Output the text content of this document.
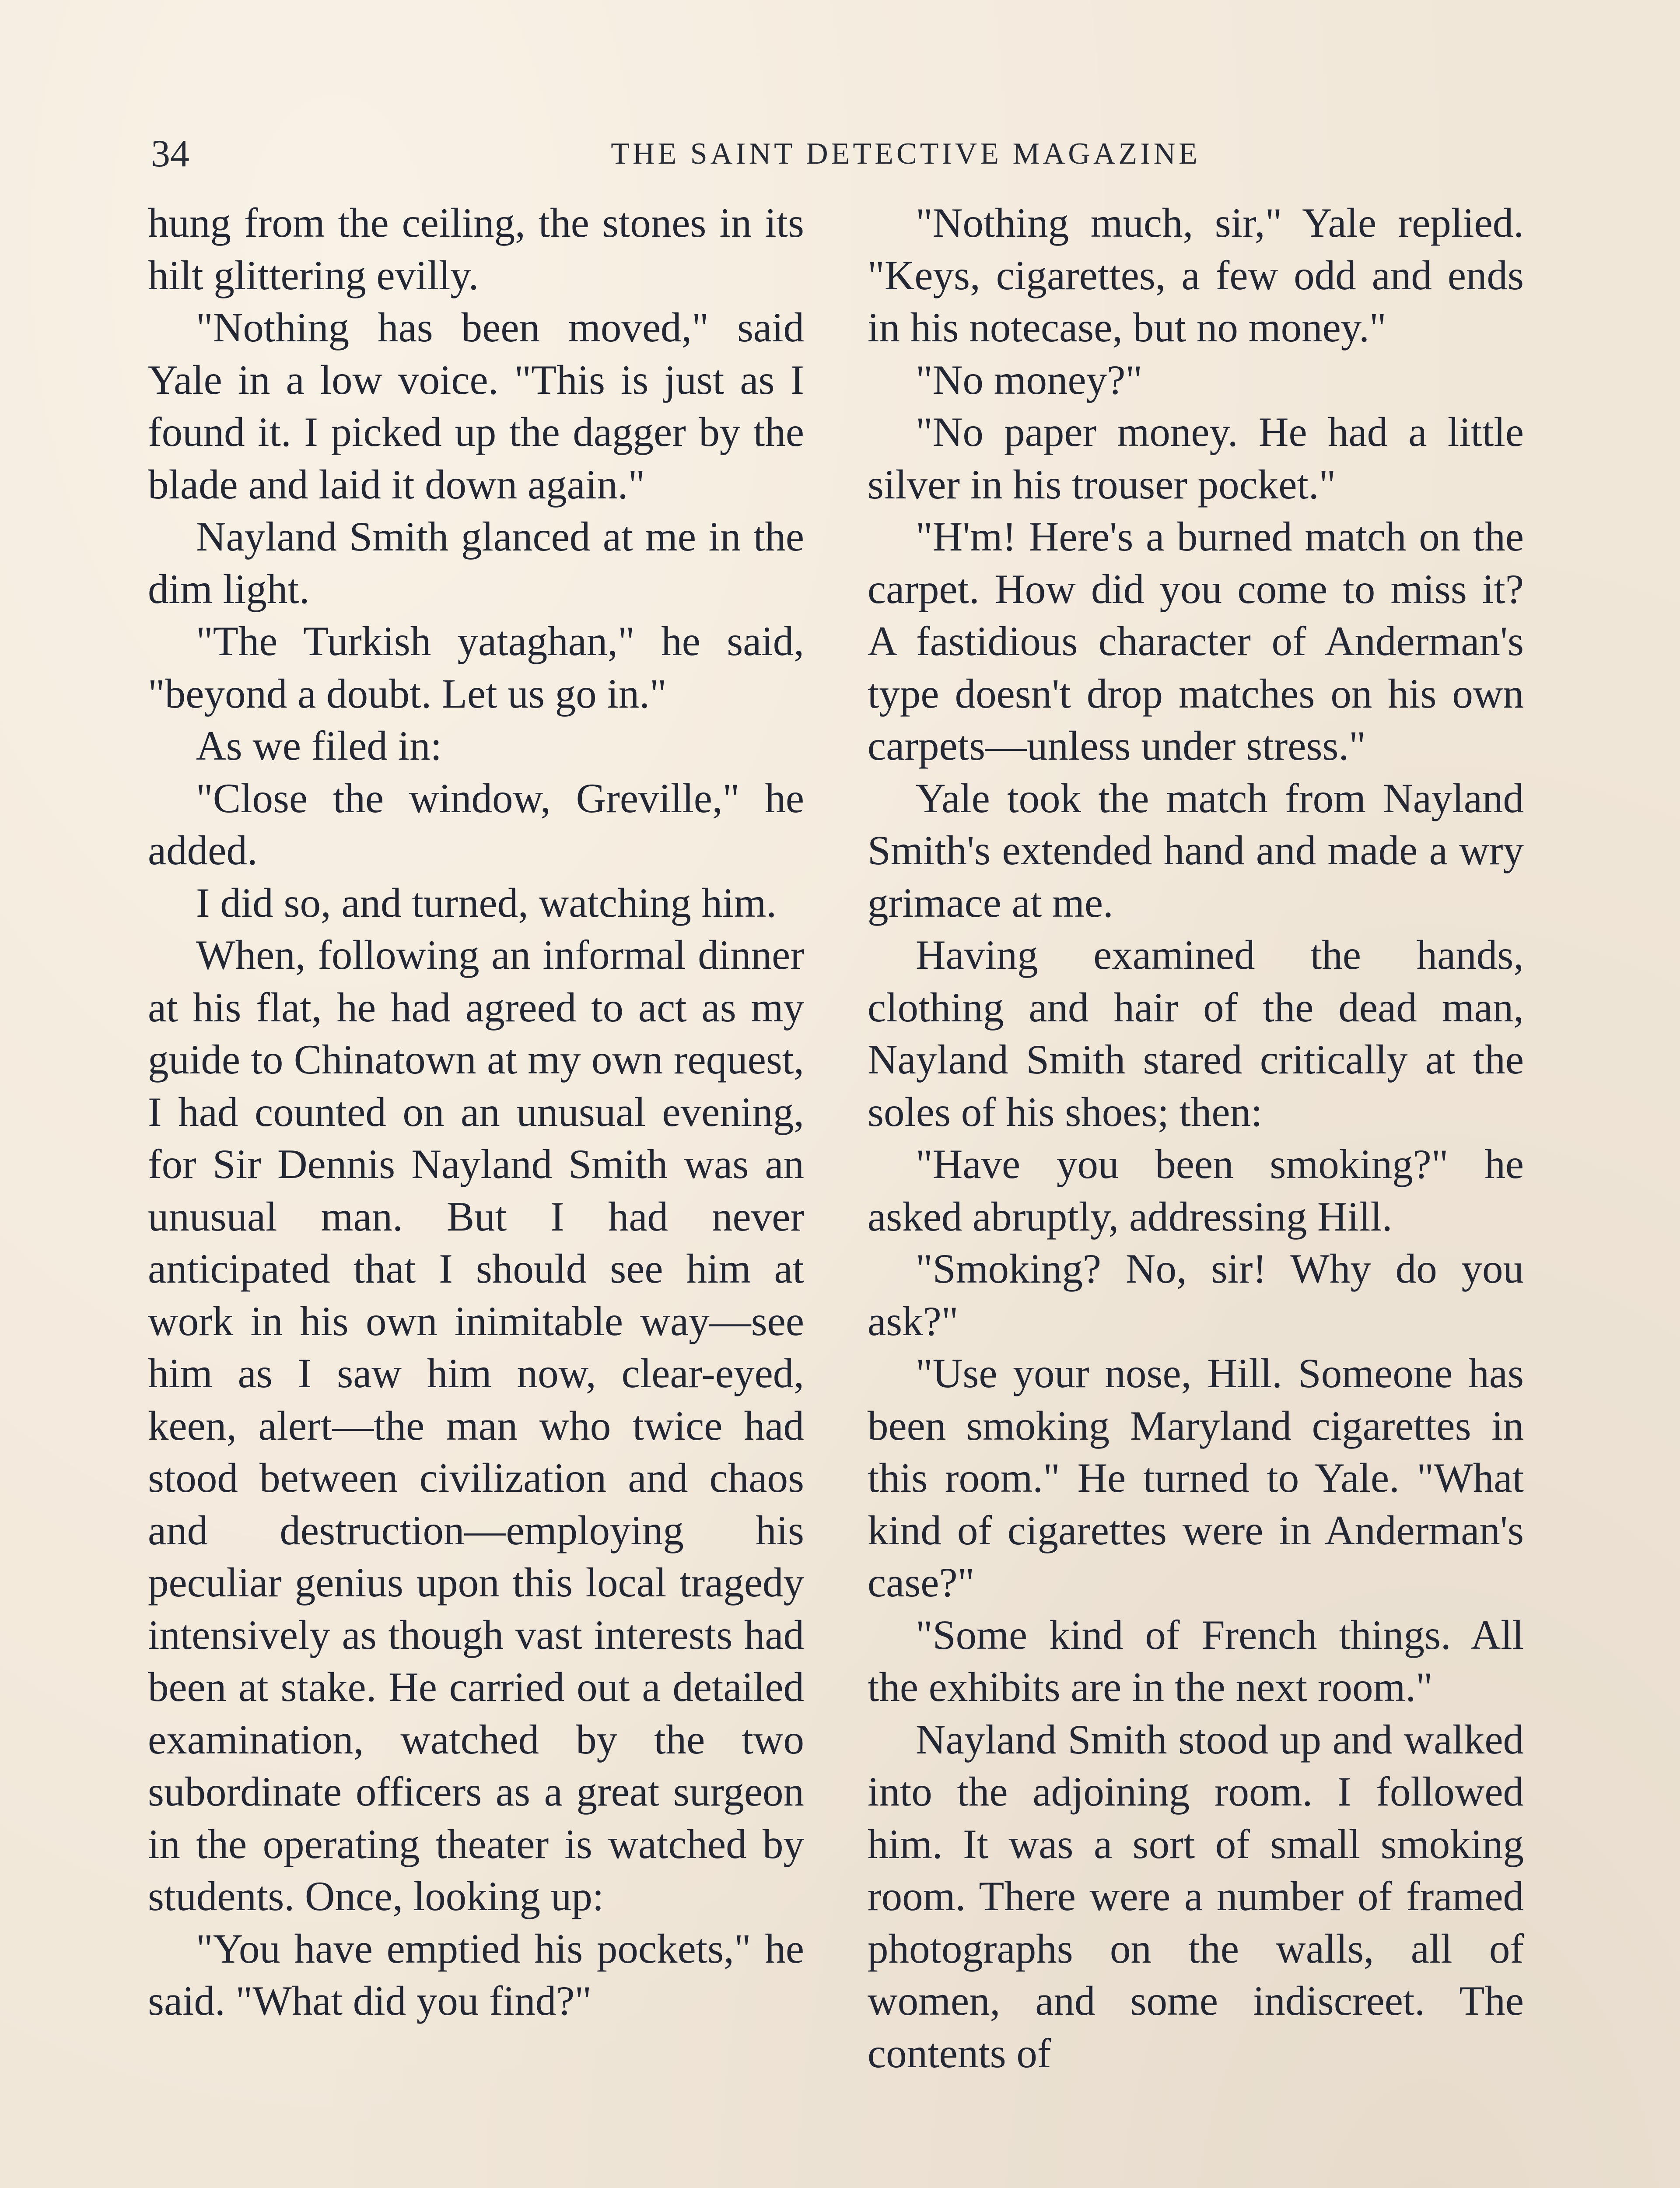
34	THE SAINT DETECTIVE MAGAZINE

hung from the ceiling, the stones in its hilt glittering evilly.

"Nothing has been moved," said Yale in a low voice. "This is just as I found it. I picked up the dagger by the blade and laid it down again."

Nayland Smith glanced at me in the dim light.

"The Turkish yataghan," he said, "beyond a doubt. Let us go in."

As we filed in:

"Close the window, Greville," he added.

I did so, and turned, watching him.

When, following an informal dinner at his flat, he had agreed to act as my guide to Chinatown at my own request, I had counted on an unusual evening, for Sir Dennis Nayland Smith was an unusual man. But I had never anticipated that I should see him at work in his own inimitable way—see him as I saw him now, clear-eyed, keen, alert—the man who twice had stood between civilization and chaos and destruction—employing his peculiar genius upon this local tragedy intensively as though vast interests had been at stake. He carried out a detailed examination, watched by the two subordinate officers as a great surgeon in the operating theater is watched by students. Once, looking up:

"You have emptied his pockets," he said. "What did you find?"

"Nothing much, sir," Yale replied. "Keys, cigarettes, a few odd and ends in his notecase, but no money."

"No money?"

"No paper money. He had a little silver in his trouser pocket."

"H'm! Here's a burned match on the carpet. How did you come to miss it? A fastidious character of Anderman's type doesn't drop matches on his own carpets—unless under stress."

Yale took the match from Nayland Smith's extended hand and made a wry grimace at me.

Having examined the hands, clothing and hair of the dead man, Nayland Smith stared critically at the soles of his shoes; then:

"Have you been smoking?" he asked abruptly, addressing Hill.

"Smoking? No, sir! Why do you ask?"

"Use your nose, Hill. Someone has been smoking Maryland cigarettes in this room." He turned to Yale. "What kind of cigarettes were in Anderman's case?"

"Some kind of French things. All the exhibits are in the next room."

Nayland Smith stood up and walked into the adjoining room. I followed him. It was a sort of small smoking room. There were a number of framed photographs on the walls, all of women, and some indiscreet. The contents of
